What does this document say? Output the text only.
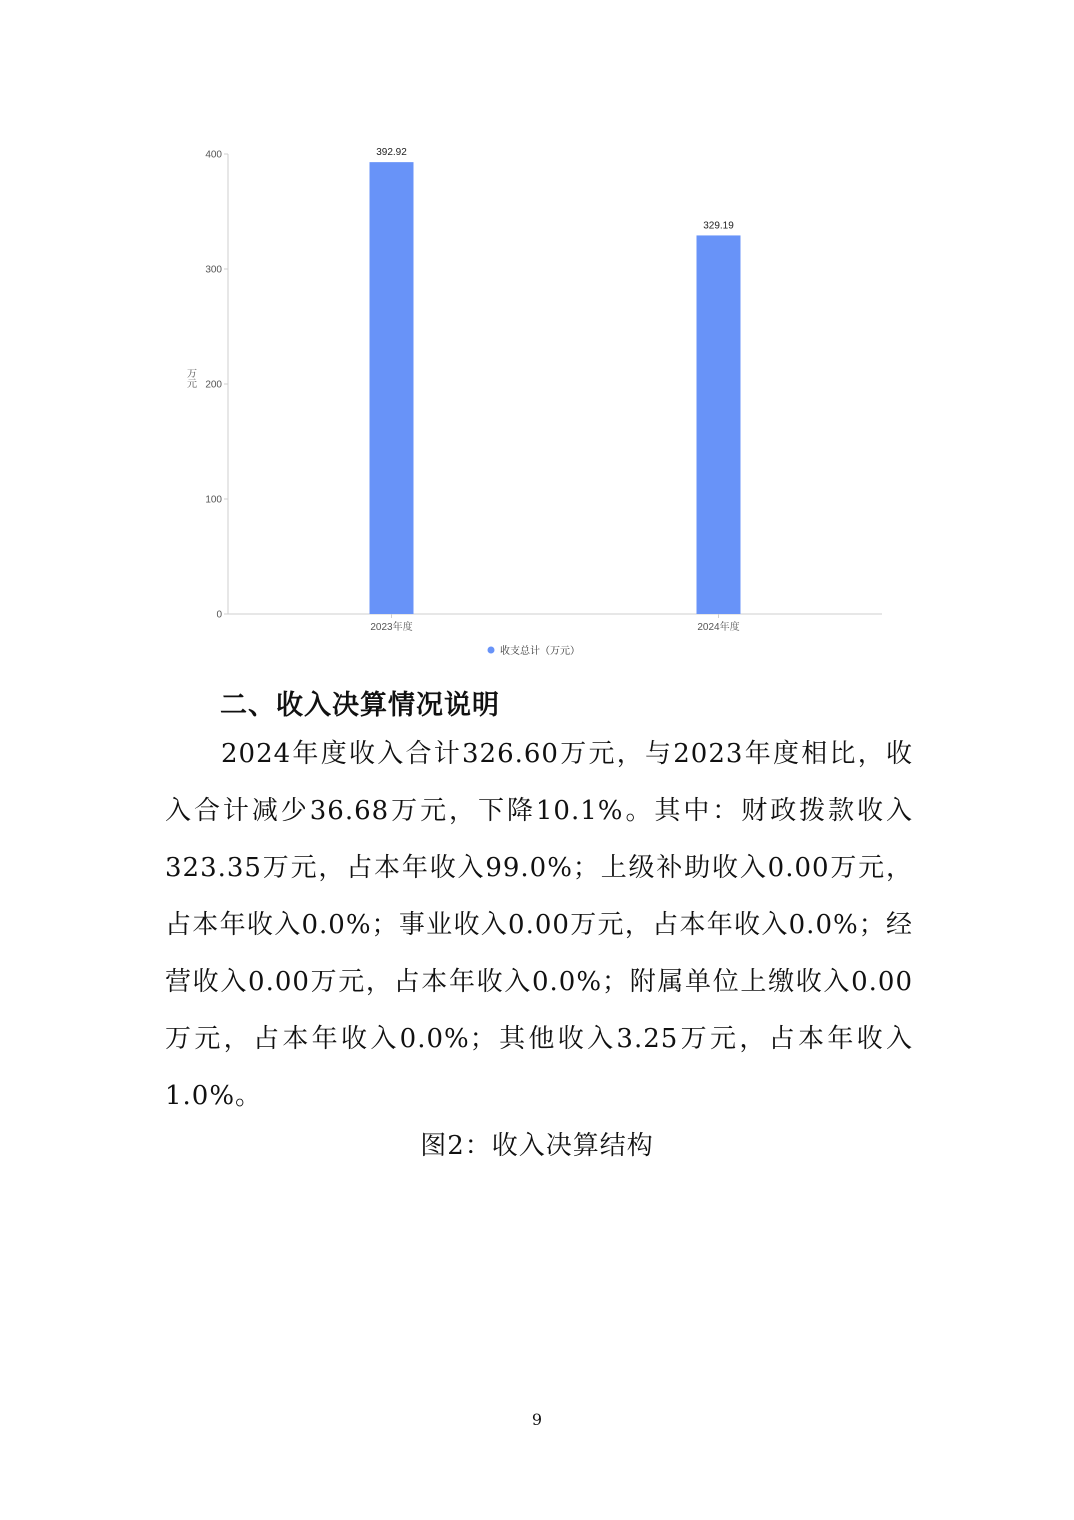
0
100
200
300
400
2023年度	2024年度
392.92
329.19
万元
收支总计（万元）
二、收入决算情况说明

2024年度收入合计326.60万元，与2023年度相比，收入合计减少36.68万元，下降10.1%。其中：财政拨款收入323.35万元，占本年收入99.0%；上级补助收入0.00万元，占本年收入0.0%；事业收入0.00万元，占本年收入0.0%；经营收入0.00万元，占本年收入0.0%；附属单位上缴收入0.00万元，占本年收入0.0%；其他收入3.25万元，占本年收入1.0%。

图2：收入决算结构

9
